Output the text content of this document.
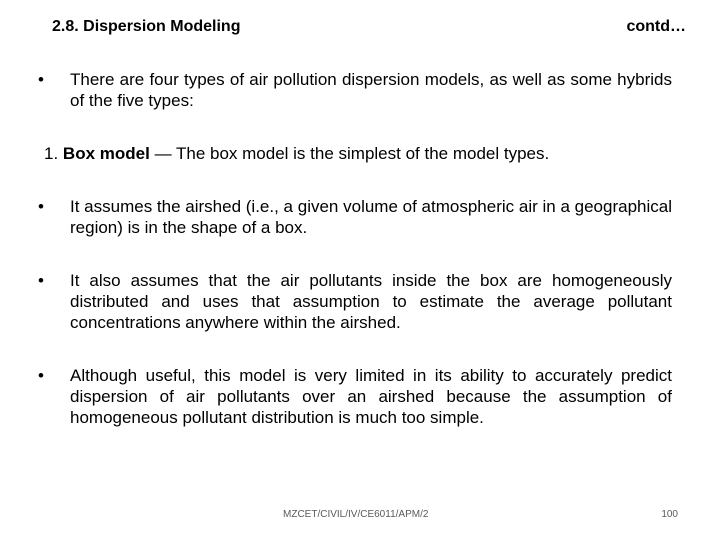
2.8. Dispersion Modeling	contd…
•	There are four types of air pollution dispersion models, as well as some hybrids of the five types:
1. Box model — The box model is the simplest of the model types.
•	It assumes the airshed (i.e., a given volume of atmospheric air in a geographical region) is in the shape of a box.
•	It also assumes that the air pollutants inside the box are homogeneously distributed and uses that assumption to estimate the average pollutant concentrations anywhere within the airshed.
•	Although useful, this model is very limited in its ability to accurately predict dispersion of air pollutants over an airshed because the assumption of homogeneous pollutant distribution is much too simple.
MZCET/CIVIL/IV/CE6011/APM/2	100
